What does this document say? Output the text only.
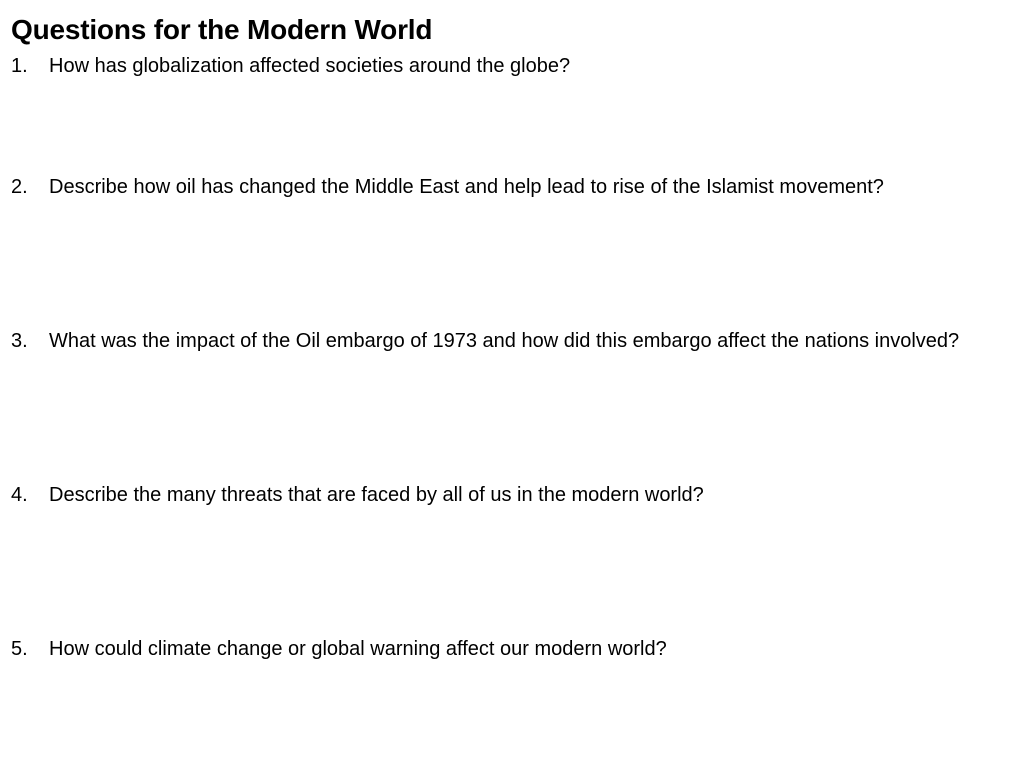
Questions for the Modern World
1.	How has globalization affected societies around the globe?
2.	Describe how oil has changed the Middle East and help lead to rise of the Islamist movement?
3.	What was the impact of the Oil embargo of 1973 and how did this embargo affect the nations involved?
4.	Describe the many threats that are faced by all of us in the modern world?
5.	How could climate change or global warning affect our modern world?
